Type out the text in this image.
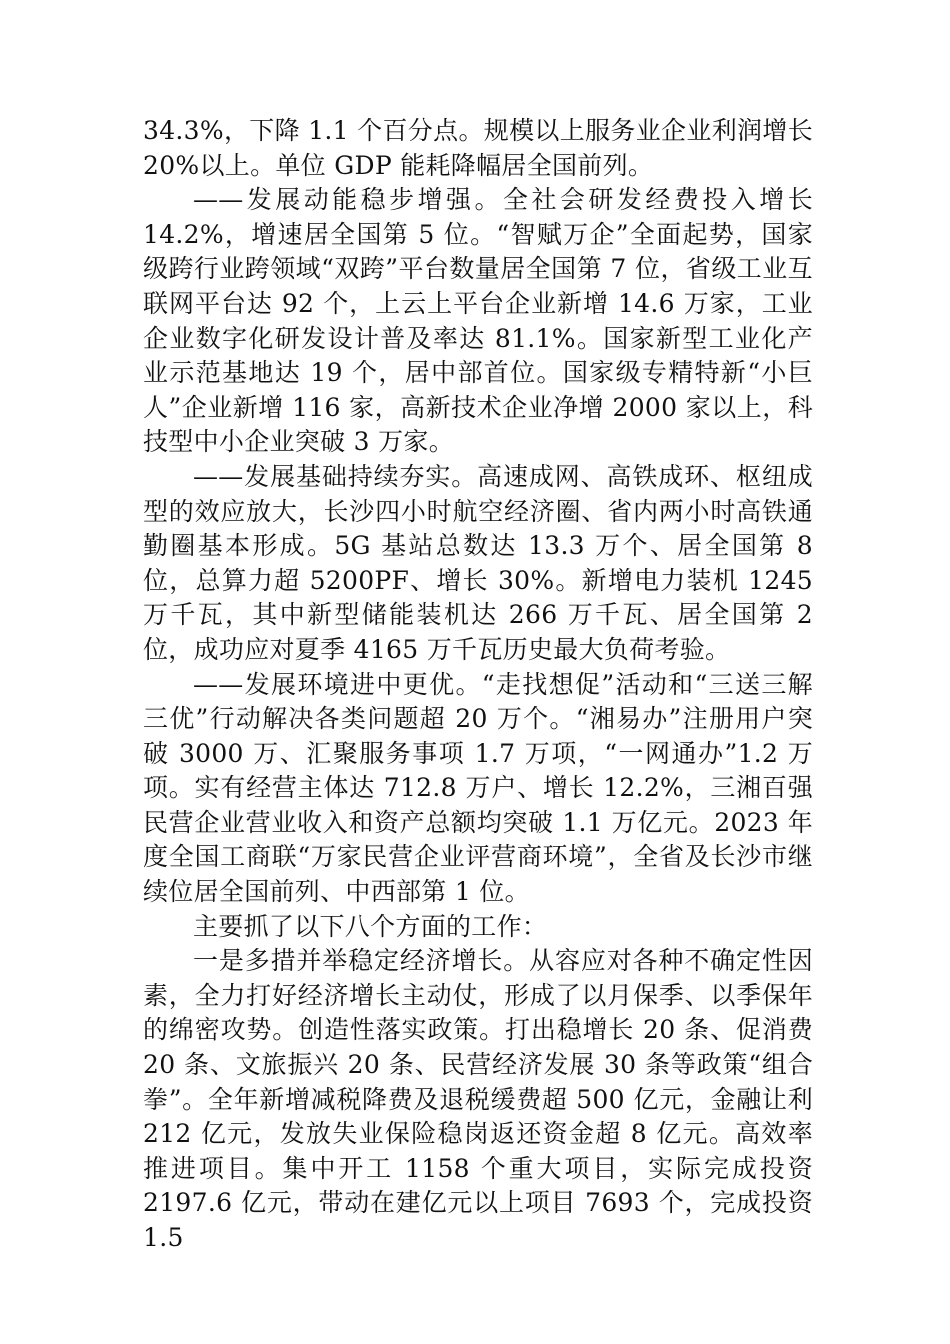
34.3%，下降 1.1 个百分点。规模以上服务业企业利润增长 20%以上。单位 GDP 能耗降幅居全国前列。

——发展动能稳步增强。全社会研发经费投入增长 14.2%，增速居全国第 5 位。“智赋万企”全面起势，国家级跨行业跨领域“双跨”平台数量居全国第 7 位，省级工业互联网平台达 92 个，上云上平台企业新增 14.6 万家，工业企业数字化研发设计普及率达 81.1%。国家新型工业化产业示范基地达 19 个，居中部首位。国家级专精特新“小巨人”企业新增 116 家，高新技术企业净增 2000 家以上，科技型中小企业突破 3 万家。

——发展基础持续夯实。高速成网、高铁成环、枢纽成型的效应放大，长沙四小时航空经济圈、省内两小时高铁通勤圈基本形成。5G 基站总数达 13.3 万个、居全国第 8 位，总算力超 5200PF、增长 30%。新增电力装机 1245 万千瓦，其中新型储能装机达 266 万千瓦、居全国第 2 位，成功应对夏季 4165 万千瓦历史最大负荷考验。

——发展环境进中更优。“走找想促”活动和“三送三解三优”行动解决各类问题超 20 万个。“湘易办”注册用户突破 3000 万、汇聚服务事项 1.7 万项，“一网通办”1.2 万项。实有经营主体达 712.8 万户、增长 12.2%，三湘百强民营企业营业收入和资产总额均突破 1.1 万亿元。2023 年度全国工商联“万家民营企业评营商环境”，全省及长沙市继续位居全国前列、中西部第 1 位。

主要抓了以下八个方面的工作：

一是多措并举稳定经济增长。从容应对各种不确定性因素，全力打好经济增长主动仗，形成了以月保季、以季保年的绵密攻势。创造性落实政策。打出稳增长 20 条、促消费 20 条、文旅振兴 20 条、民营经济发展 30 条等政策“组合拳”。全年新增减税降费及退税缓费超 500 亿元，金融让利 212 亿元，发放失业保险稳岗返还资金超 8 亿元。高效率推进项目。集中开工 1158 个重大项目，实际完成投资 2197.6 亿元，带动在建亿元以上项目 7693 个，完成投资 1.5
